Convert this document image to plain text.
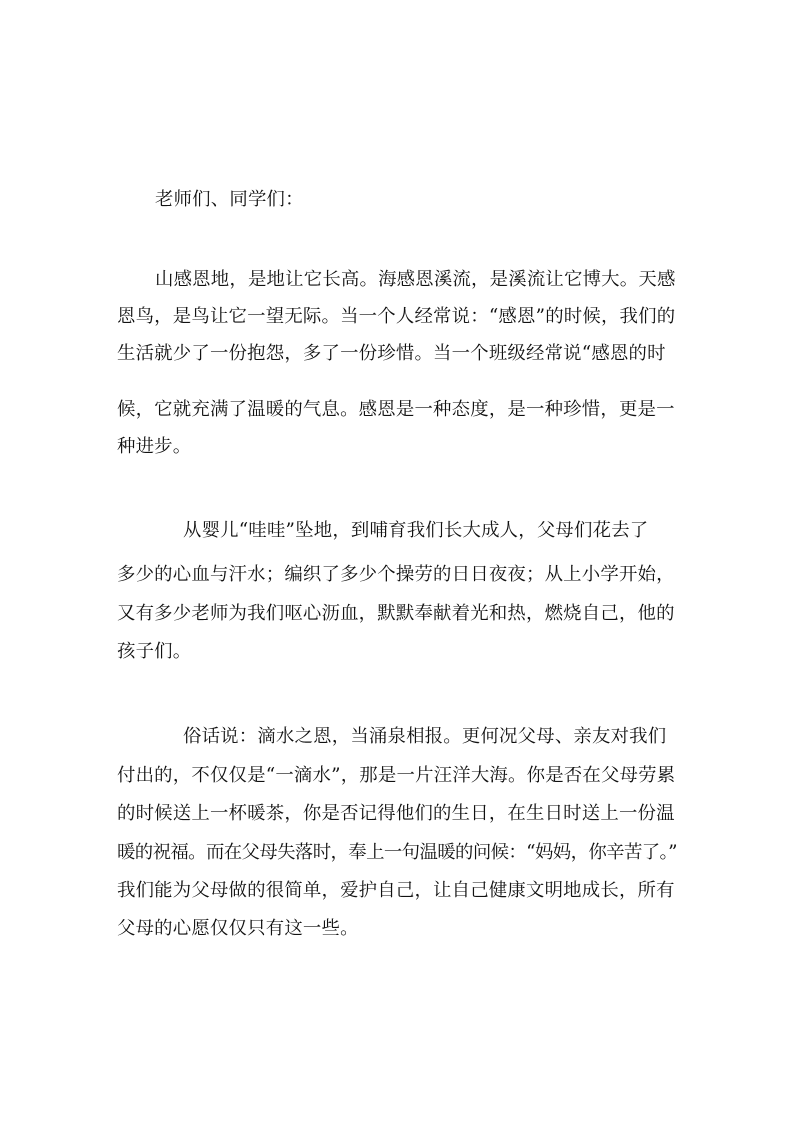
老师们、同学们：
山感恩地，是地让它长高。海感恩溪流，是溪流让它博大。天感
恩鸟，是鸟让它一望无际。当一个人经常说：“感恩”的时候，我们的
生活就少了一份抱怨，多了一份珍惜。当一个班级经常说“感恩的时
候，它就充满了温暖的气息。感恩是一种态度，是一种珍惜，更是一
种进步。
从婴儿“哇哇”坠地，到哺育我们长大成人，父母们花去了
多少的心血与汗水；编织了多少个操劳的日日夜夜；从上小学开始，
又有多少老师为我们呕心沥血，默默奉献着光和热，燃烧自己，他的
孩子们。
俗话说：滴水之恩，当涌泉相报。更何况父母、亲友对我们
付出的，不仅仅是“一滴水”，那是一片汪洋大海。你是否在父母劳累
的时候送上一杯暖茶，你是否记得他们的生日，在生日时送上一份温
暖的祝福。而在父母失落时，奉上一句温暖的问候：“妈妈，你辛苦了。”
我们能为父母做的很简单，爱护自己，让自己健康文明地成长，所有
父母的心愿仅仅只有这一些。
